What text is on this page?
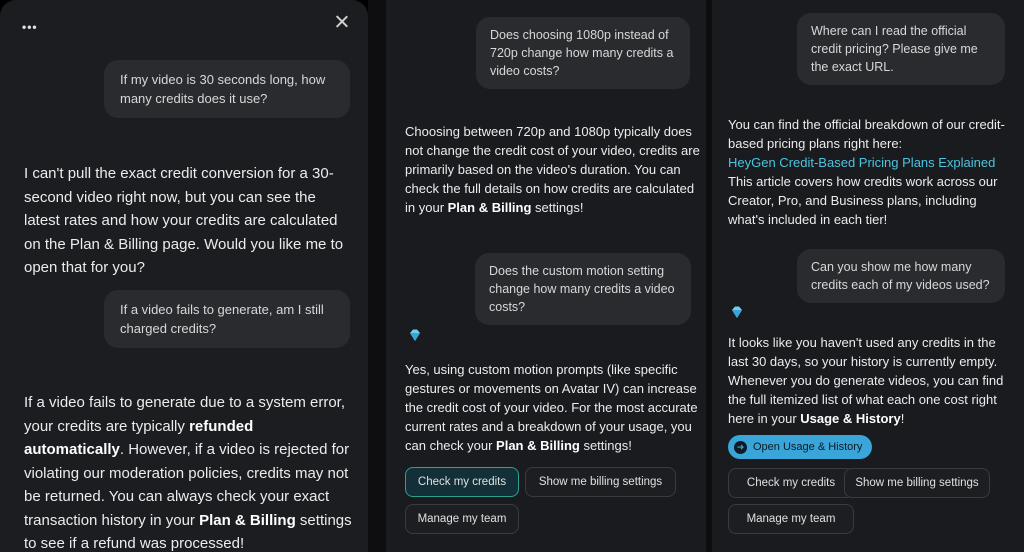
•••
If my video is 30 seconds long, how many credits does it use?
I can't pull the exact credit conversion for a 30-second video right now, but you can see the latest rates and how your credits are calculated on the Plan & Billing page. Would you like me to open that for you?
If a video fails to generate, am I still charged credits?
If a video fails to generate due to a system error, your credits are typically refunded automatically. However, if a video is rejected for violating our moderation policies, credits may not be returned. You can always check your exact transaction history in your Plan & Billing settings to see if a refund was processed!
Does choosing 1080p instead of 720p change how many credits a video costs?
Choosing between 720p and 1080p typically does not change the credit cost of your video, credits are primarily based on the video's duration. You can check the full details on how credits are calculated in your Plan & Billing settings!
Does the custom motion setting change how many credits a video costs?
Yes, using custom motion prompts (like specific gestures or movements on Avatar IV) can increase the credit cost of your video. For the most accurate current rates and a breakdown of your usage, you can check your Plan & Billing settings!
Check my credits	Show me billing settings
Manage my team
Where can I read the official credit pricing? Please give me the exact URL.
You can find the official breakdown of our credit-based pricing plans right here:
HeyGen Credit-Based Pricing Plans Explained
This article covers how credits work across our Creator, Pro, and Business plans, including what's included in each tier!
Can you show me how many credits each of my videos used?
It looks like you haven't used any credits in the last 30 days, so your history is currently empty. Whenever you do generate videos, you can find the full itemized list of what each one cost right here in your Usage & History!
➜ Open Usage & History
Check my credits	Show me billing settings
Manage my team
